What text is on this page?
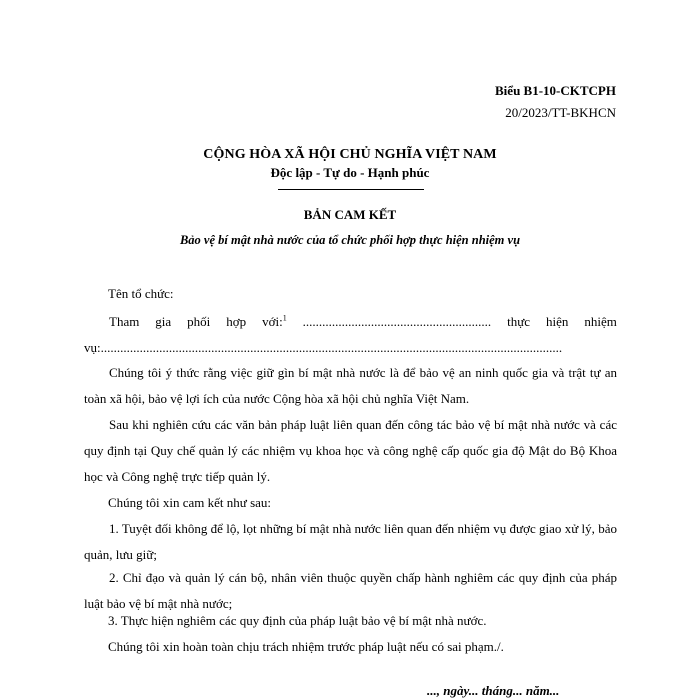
Biểu B1-10-CKTCPH
20/2023/TT-BKHCN
CỘNG HÒA XÃ HỘI CHỦ NGHĨA VIỆT NAM
Độc lập - Tự do - Hạnh phúc
BẢN CAM KẾT
Bảo vệ bí mật nhà nước của tổ chức phối hợp thực hiện nhiệm vụ
Tên tổ chức:
Tham gia phối hợp với:$^1$ .......................................................... thực hiện nhiệm
vụ:..............................................................................................................................................
Chúng tôi ý thức rằng việc giữ gìn bí mật nhà nước là để bảo vệ an ninh quốc gia và trật tự an toàn xã hội, bảo vệ lợi ích của nước Cộng hòa xã hội chủ nghĩa Việt Nam.
Sau khi nghiên cứu các văn bản pháp luật liên quan đến công tác bảo vệ bí mật nhà nước và các quy định tại Quy chế quản lý các nhiệm vụ khoa học và công nghệ cấp quốc gia độ Mật do Bộ Khoa học và Công nghệ trực tiếp quản lý.
Chúng tôi xin cam kết như sau:
1. Tuyệt đối không để lộ, lọt những bí mật nhà nước liên quan đến nhiệm vụ được giao xử lý, bảo quản, lưu giữ;
2. Chỉ đạo và quản lý cán bộ, nhân viên thuộc quyền chấp hành nghiêm các quy định của pháp luật bảo vệ bí mật nhà nước;
3. Thực hiện nghiêm các quy định của pháp luật bảo vệ bí mật nhà nước.
Chúng tôi xin hoàn toàn chịu trách nhiệm trước pháp luật nếu có sai phạm./.
..., ngày... tháng... năm...
